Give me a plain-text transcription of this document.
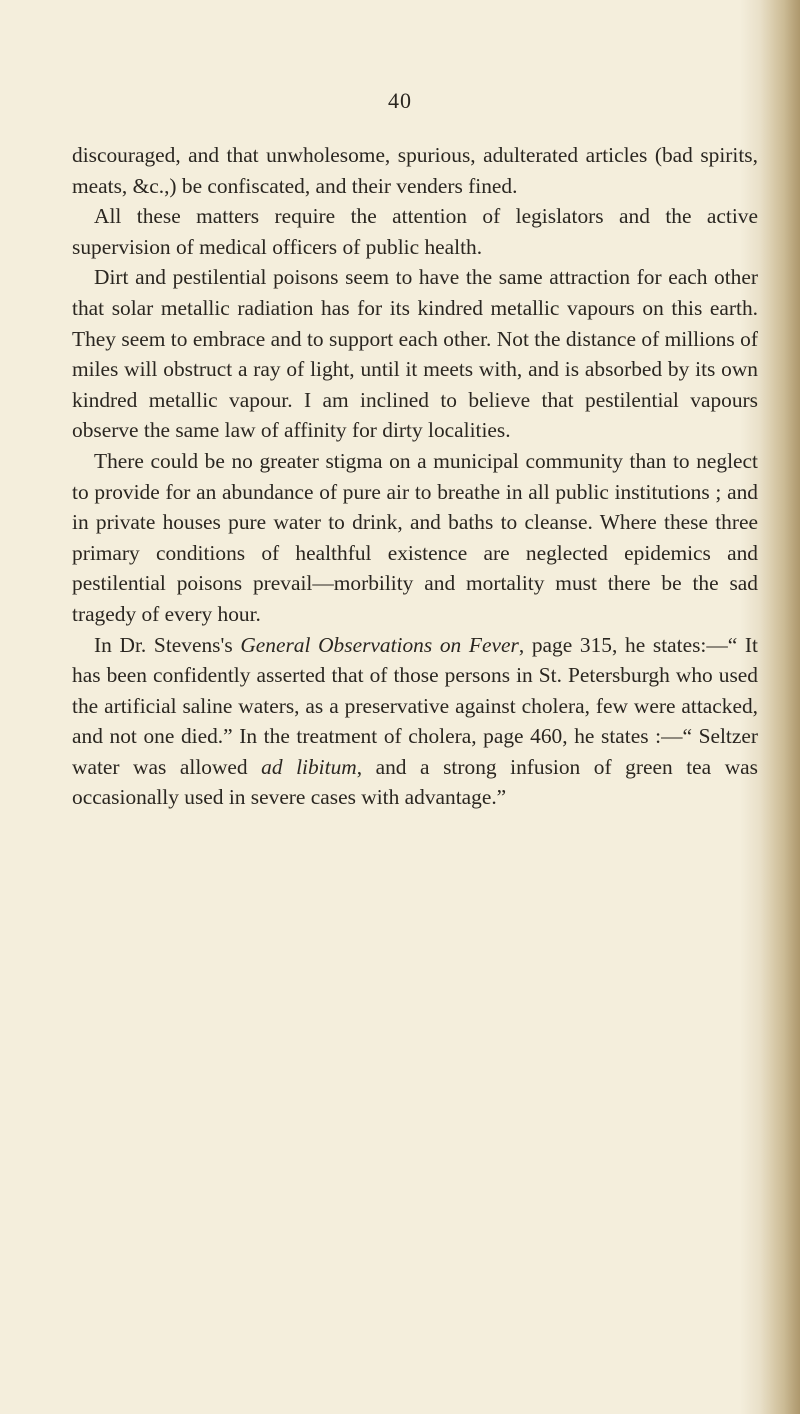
40

discouraged, and that unwholesome, spurious, adulterated articles (bad spirits, meats, &c.,) be confiscated, and their venders fined.

All these matters require the attention of legislators and the active supervision of medical officers of public health.

Dirt and pestilential poisons seem to have the same attraction for each other that solar metallic radiation has for its kindred metallic vapours on this earth. They seem to embrace and to support each other. Not the distance of millions of miles will obstruct a ray of light, until it meets with, and is absorbed by its own kindred metallic vapour. I am inclined to believe that pestilential vapours observe the same law of affinity for dirty localities.

There could be no greater stigma on a municipal community than to neglect to provide for an abundance of pure air to breathe in all public institutions ; and in private houses pure water to drink, and baths to cleanse. Where these three primary conditions of healthful existence are neglected epidemics and pestilential poisons prevail—morbility and mortality must there be the sad tragedy of every hour.

In Dr. Stevens's General Observations on Fever, page 315, he states:—“ It has been confidently asserted that of those persons in St. Petersburgh who used the artificial saline waters, as a preservative against cholera, few were attacked, and not one died.” In the treatment of cholera, page 460, he states :—“ Seltzer water was allowed ad libitum, and a strong infusion of green tea was occasionally used in severe cases with advantage.”
